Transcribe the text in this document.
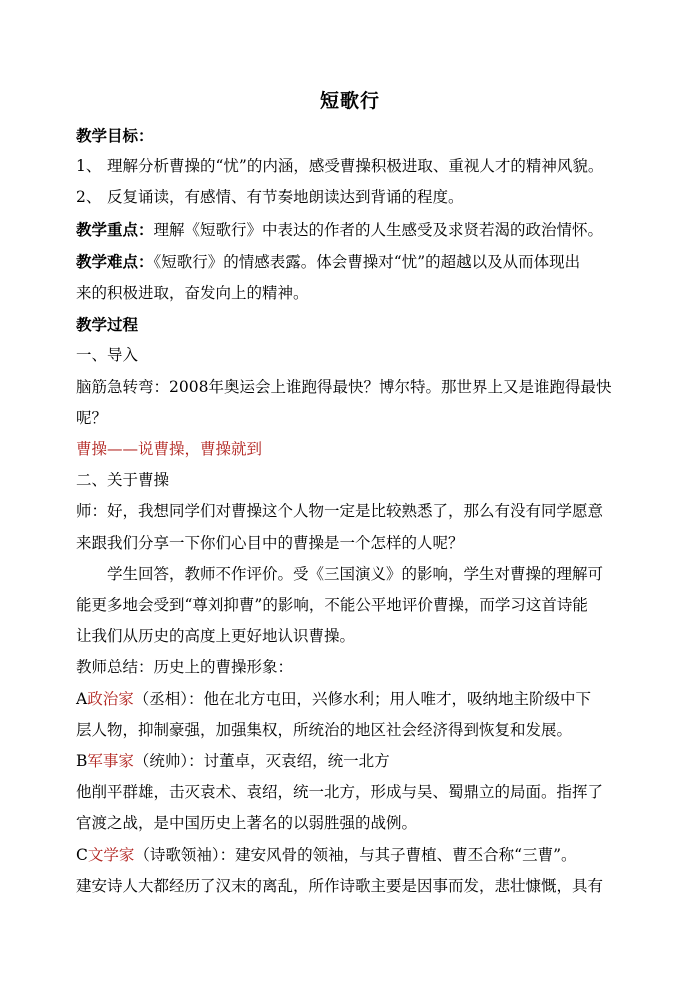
短歌行

教学目标：

1、 理解分析曹操的“忧”的内涵，感受曹操积极进取、重视人才的精神风貌。

2、 反复诵读，有感情、有节奏地朗读达到背诵的程度。

教学重点：理解《短歌行》中表达的作者的人生感受及求贤若渴的政治情怀。

教学难点：《短歌行》的情感表露。体会曹操对“忧”的超越以及从而体现出

来的积极进取，奋发向上的精神。

教学过程

一、导入

脑筋急转弯：2008年奥运会上谁跑得最快？博尔特。那世界上又是谁跑得最快

呢？

曹操——说曹操，曹操就到

二、关于曹操

师：好，我想同学们对曹操这个人物一定是比较熟悉了，那么有没有同学愿意

来跟我们分享一下你们心目中的曹操是一个怎样的人呢？

学生回答，教师不作评价。受《三国演义》的影响，学生对曹操的理解可

能更多地会受到“尊刘抑曹”的影响，不能公平地评价曹操，而学习这首诗能

让我们从历史的高度上更好地认识曹操。

教师总结：历史上的曹操形象：

A政治家（丞相）：他在北方屯田，兴修水利；用人唯才，吸纳地主阶级中下

层人物，抑制豪强，加强集权，所统治的地区社会经济得到恢复和发展。

B军事家（统帅）：讨董卓，灭袁绍，统一北方

他削平群雄，击灭袁术、袁绍，统一北方，形成与吴、蜀鼎立的局面。指挥了

官渡之战，是中国历史上著名的以弱胜强的战例。

C文学家（诗歌领袖）：建安风骨的领袖，与其子曹植、曹丕合称“三曹”。

建安诗人大都经历了汉末的离乱，所作诗歌主要是因事而发，悲壮慷慨，具有
